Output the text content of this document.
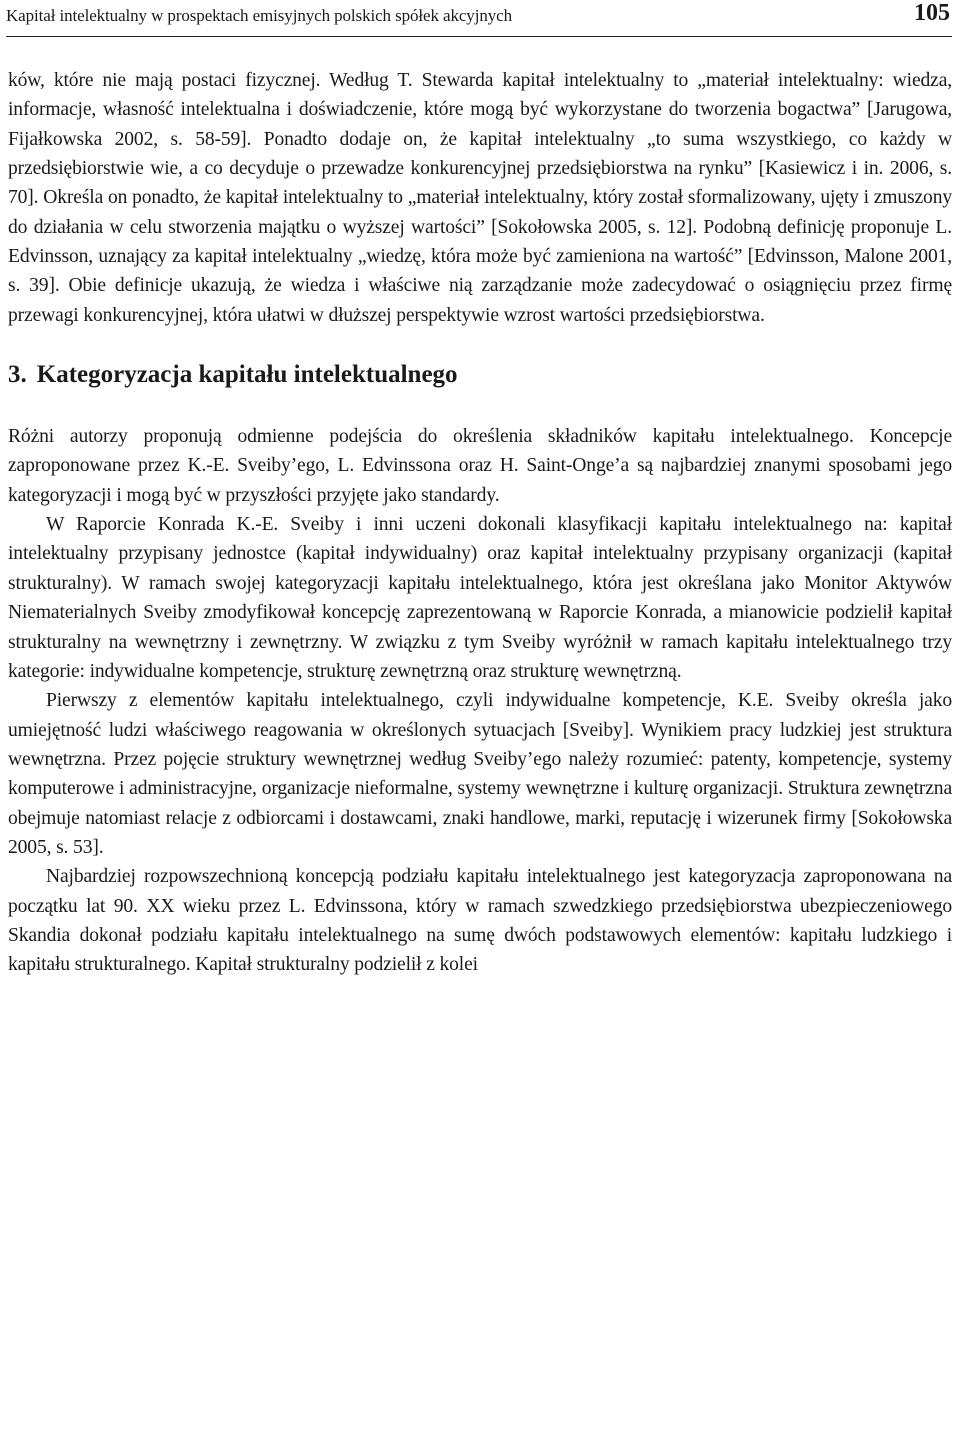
Kapitał intelektualny w prospektach emisyjnych polskich spółek akcyjnych	105

ków, które nie mają postaci fizycznej. Według T. Stewarda kapitał intelektualny to „materiał intelektualny: wiedza, informacje, własność intelektualna i doświadczenie, które mogą być wykorzystane do tworzenia bogactwa” [Jarugowa, Fijałkowska 2002, s. 58-59]. Ponadto dodaje on, że kapitał intelektualny „to suma wszystkiego, co każdy w przedsiębiorstwie wie, a co decyduje o przewadze konkurencyjnej przedsiębiorstwa na rynku” [Kasiewicz i in. 2006, s. 70]. Określa on ponadto, że kapitał intelektualny to „materiał intelektualny, który został sformalizowany, ujęty i zmuszony do działania w celu stworzenia majątku o wyższej wartości” [Sokołowska 2005, s. 12]. Podobną definicję proponuje L. Edvinsson, uznający za kapitał intelektualny „wiedzę, która może być zamieniona na wartość” [Edvinsson, Malone 2001, s. 39]. Obie definicje ukazują, że wiedza i właściwe nią zarządzanie może zadecydować o osiągnięciu przez firmę przewagi konkurencyjnej, która ułatwi w dłuższej perspektywie wzrost wartości przedsiębiorstwa.

3. Kategoryzacja kapitału intelektualnego

Różni autorzy proponują odmienne podejścia do określenia składników kapitału intelektualnego. Koncepcje zaproponowane przez K.-E. Sveiby’ego, L. Edvinssona oraz H. Saint-Onge’a są najbardziej znanymi sposobami jego kategoryzacji i mogą być w przyszłości przyjęte jako standardy.

W Raporcie Konrada K.-E. Sveiby i inni uczeni dokonali klasyfikacji kapitału intelektualnego na: kapitał intelektualny przypisany jednostce (kapitał indywidualny) oraz kapitał intelektualny przypisany organizacji (kapitał strukturalny). W ramach swojej kategoryzacji kapitału intelektualnego, która jest określana jako Monitor Aktywów Niematerialnych Sveiby zmodyfikował koncepcję zaprezentowaną w Raporcie Konrada, a mianowicie podzielił kapitał strukturalny na wewnętrzny i zewnętrzny. W związku z tym Sveiby wyróżnił w ramach kapitału intelektualnego trzy kategorie: indywidualne kompetencje, strukturę zewnętrzną oraz strukturę wewnętrzną.

Pierwszy z elementów kapitału intelektualnego, czyli indywidualne kompetencje, K.E. Sveiby określa jako umiejętność ludzi właściwego reagowania w określonych sytuacjach [Sveiby]. Wynikiem pracy ludzkiej jest struktura wewnętrzna. Przez pojęcie struktury wewnętrznej według Sveiby’ego należy rozumieć: patenty, kompetencje, systemy komputerowe i administracyjne, organizacje nieformalne, systemy wewnętrzne i kulturę organizacji. Struktura zewnętrzna obejmuje natomiast relacje z odbiorcami i dostawcami, znaki handlowe, marki, reputację i wizerunek firmy [Sokołowska 2005, s. 53].

Najbardziej rozpowszechnioną koncepcją podziału kapitału intelektualnego jest kategoryzacja zaproponowana na początku lat 90. XX wieku przez L. Edvinssona, który w ramach szwedzkiego przedsiębiorstwa ubezpieczeniowego Skandia dokonał podziału kapitału intelektualnego na sumę dwóch podstawowych elementów: kapitału ludzkiego i kapitału strukturalnego. Kapitał strukturalny podzielił z kolei
